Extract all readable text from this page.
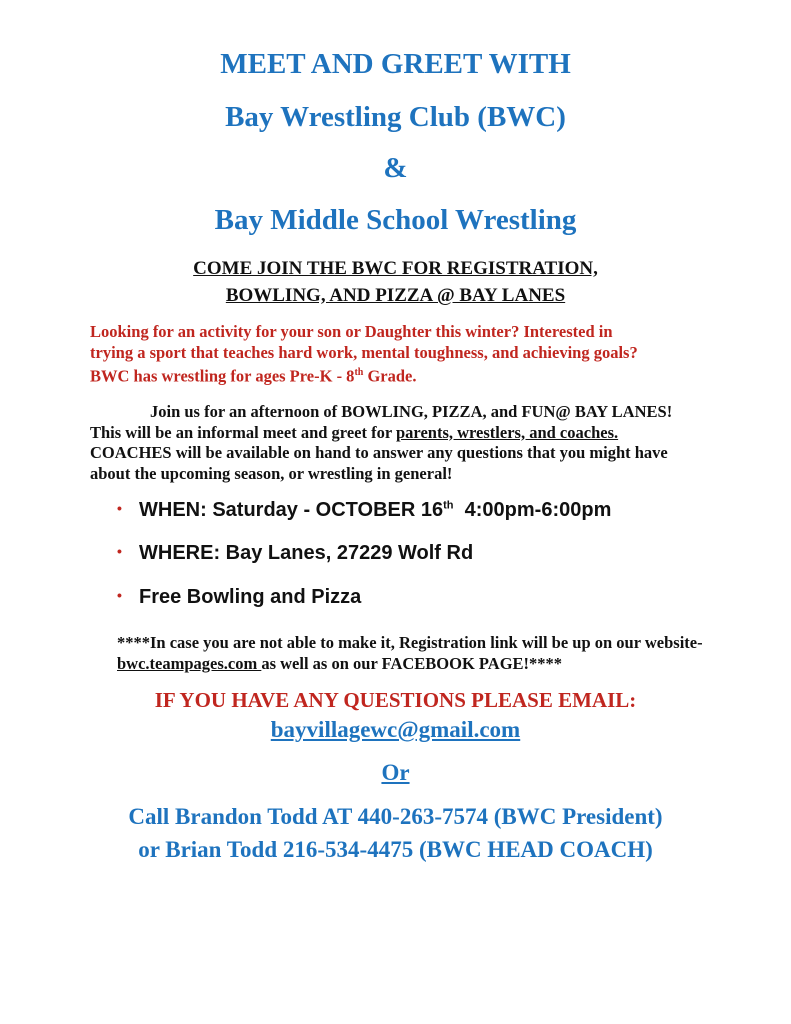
MEET AND GREET WITH
Bay Wrestling Club (BWC)
&
Bay Middle School Wrestling
COME JOIN THE BWC FOR REGISTRATION,
BOWLING, AND PIZZA @ BAY LANES
Looking for an activity for your son or Daughter this winter? Interested in
trying a sport that teaches hard work, mental toughness, and achieving goals?
BWC has wrestling for ages Pre-K - 8th Grade.
Join us for an afternoon of BOWLING, PIZZA, and FUN@ BAY LANES! This will be an informal meet and greet for parents, wrestlers, and coaches. COACHES will be available on hand to answer any questions that you might have about the upcoming season, or wrestling in general!
• WHEN: Saturday - OCTOBER 16th 4:00pm-6:00pm
• WHERE: Bay Lanes, 27229 Wolf Rd
• Free Bowling and Pizza
****In case you are not able to make it, Registration link will be up on our website- bwc.teampages.com as well as on our FACEBOOK PAGE!****
IF YOU HAVE ANY QUESTIONS PLEASE EMAIL:
bayvillagewc@gmail.com
Or
Call Brandon Todd AT 440-263-7574 (BWC President)
or Brian Todd 216-534-4475 (BWC HEAD COACH)
